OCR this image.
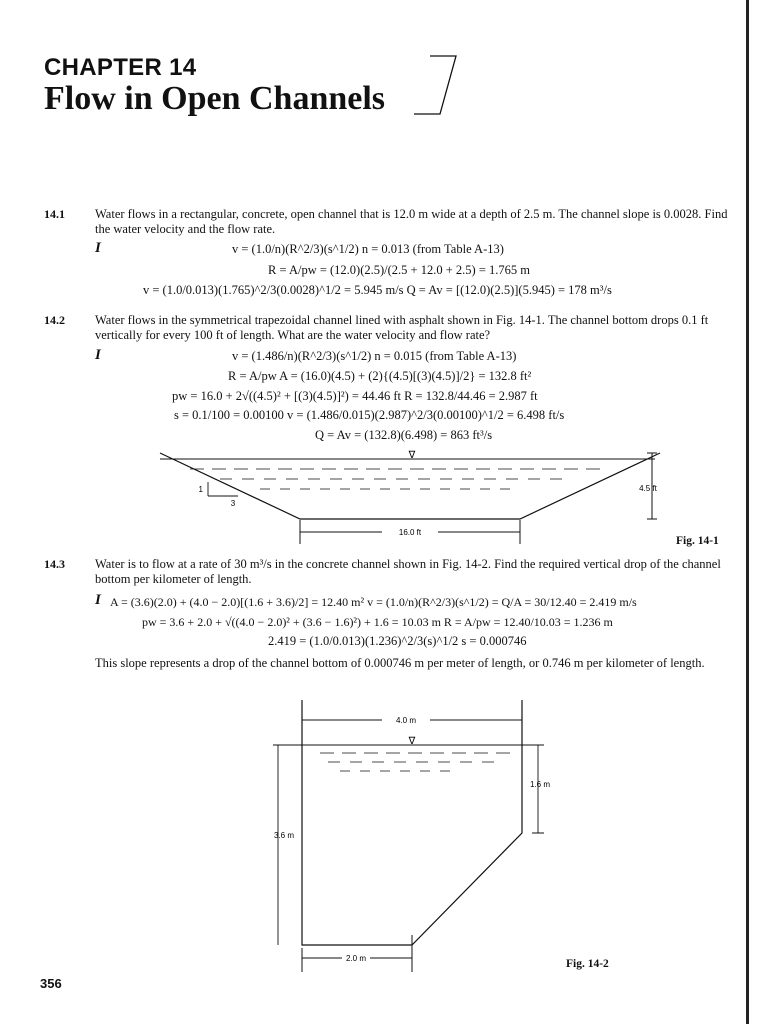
CHAPTER 14
Flow in Open Channels
14.1 Water flows in a rectangular, concrete, open channel that is 12.0 m wide at a depth of 2.5 m. The channel slope is 0.0028. Find the water velocity and the flow rate.
I	v = (1.0/n)(R^2/3)(s^1/2) n = 0.013 (from Table A-13)
R = A/pw = (12.0)(2.5)/(2.5 + 12.0 + 2.5) = 1.765 m
v = (1.0/0.013)(1.765)^2/3(0.0028)^1/2 = 5.945 m/s Q = Av = [(12.0)(2.5)](5.945) = 178 m³/s
14.2 Water flows in the symmetrical trapezoidal channel lined with asphalt shown in Fig. 14-1. The channel bottom drops 0.1 ft vertically for every 100 ft of length. What are the water velocity and flow rate?
I	v = (1.486/n)(R^2/3)(s^1/2) n = 0.015 (from Table A-13)
R = A/pw A = (16.0)(4.5) + (2){(4.5)[(3)(4.5)]/2} = 132.8 ft²
pw = 16.0 + 2√((4.5)² + [(3)(4.5)]²) = 44.46 ft R = 132.8/44.46 = 2.987 ft
s = 0.1/100 = 0.00100 v = (1.486/0.015)(2.987)^2/3(0.00100)^1/2 = 6.498 ft/s
Q = Av = (132.8)(6.498) = 863 ft³/s
∇
1
3
4.5 ft
16.0 ft
Fig. 14-1
14.3 Water is to flow at a rate of 30 m³/s in the concrete channel shown in Fig. 14-2. Find the required vertical drop of the channel bottom per kilometer of length.
I A = (3.6)(2.0) + (4.0 − 2.0)[(1.6 + 3.6)/2] = 12.40 m² v = (1.0/n)(R^2/3)(s^1/2) = Q/A = 30/12.40 = 2.419 m/s
pw = 3.6 + 2.0 + √((4.0 − 2.0)² + (3.6 − 1.6)²) + 1.6 = 10.03 m R = A/pw = 12.40/10.03 = 1.236 m
2.419 = (1.0/0.013)(1.236)^2/3(s)^1/2 s = 0.000746
This slope represents a drop of the channel bottom of 0.000746 m per meter of length, or 0.746 m per kilometer of length.
4.0 m
∇
3.6 m
1.6 m
2.0 m	Fig. 14-2
356
